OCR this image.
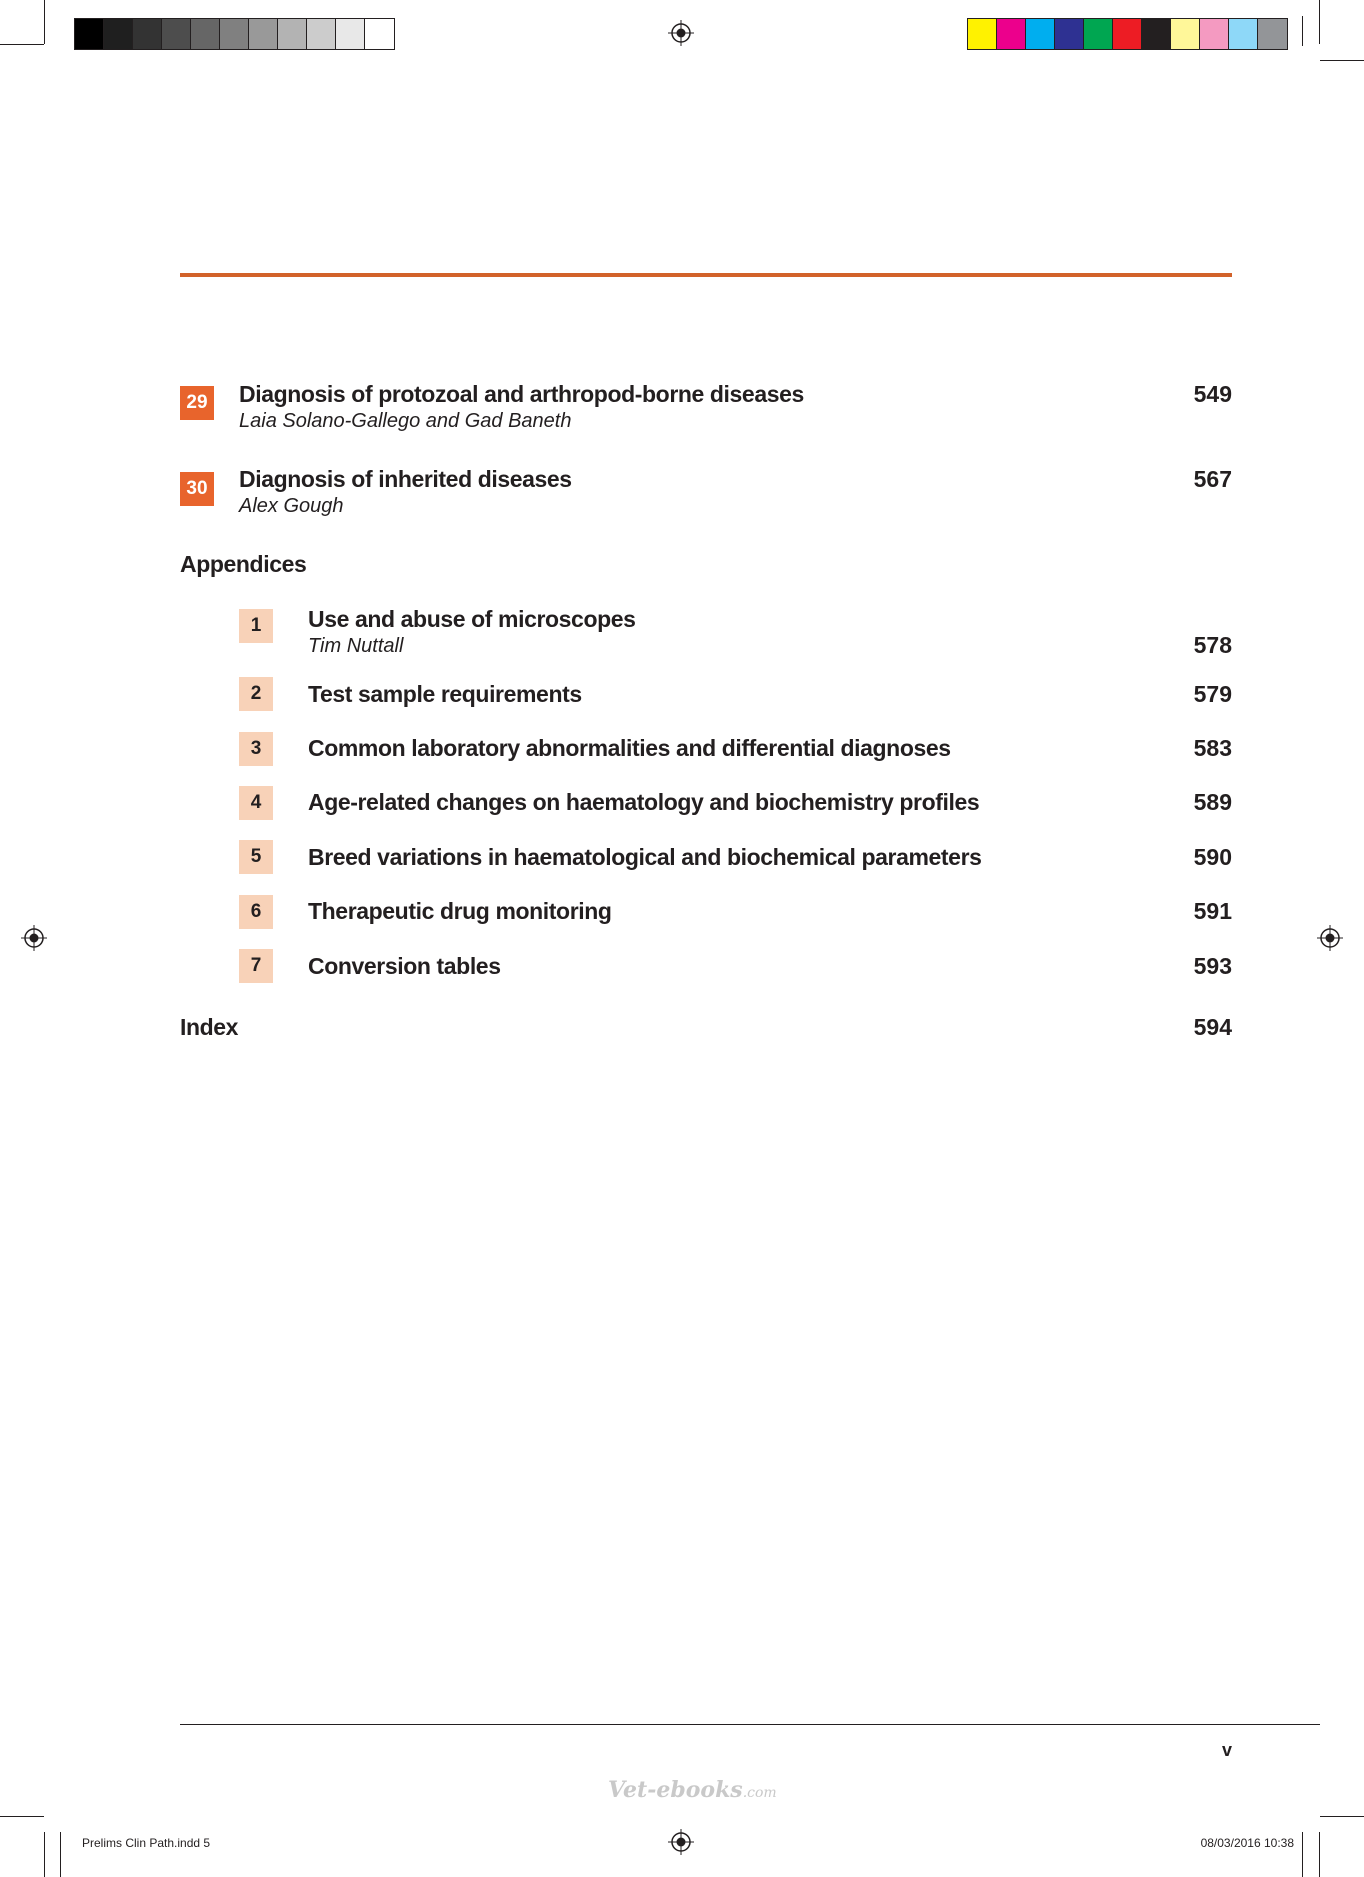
29 Diagnosis of protozoal and arthropod-borne diseases
Laia Solano-Gallego and Gad Baneth
549
30 Diagnosis of inherited diseases
Alex Gough
567
Appendices
1	Use and abuse of microscopes
Tim Nuttall	578
2	Test sample requirements	579
3	Common laboratory abnormalities and differential diagnoses	583
4	Age-related changes on haematology and biochemistry profiles	589
5	Breed variations in haematological and biochemical parameters	590
6	Therapeutic drug monitoring	591
7	Conversion tables	593
Index	594
v
Vet-ebooks.com
Prelims Clin Path.indd 5	08/03/2016 10:38
